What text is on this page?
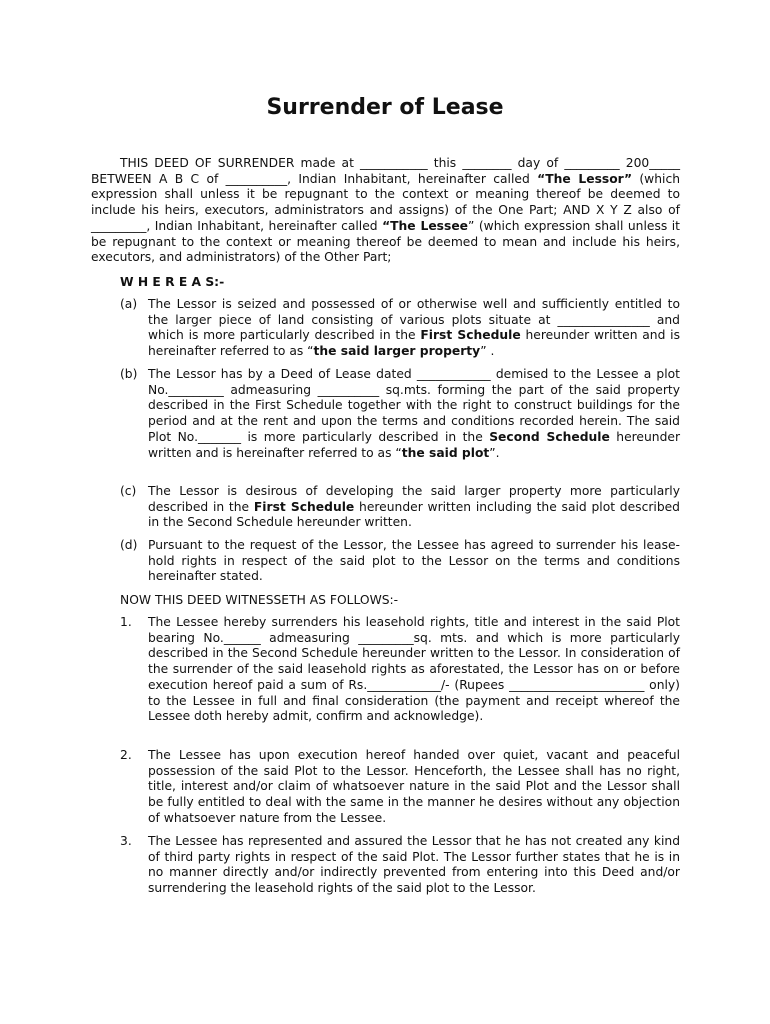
Surrender of Lease

THIS DEED OF SURRENDER made at ___________ this ________ day of _________ 200_____ BETWEEN A B C of __________, Indian Inhabitant, hereinafter called “The Lessor” (which expression shall unless it be repugnant to the context or meaning thereof be deemed to include his heirs, executors, administrators and assigns) of the One Part; AND X Y Z also of _________, Indian Inhabitant, hereinafter called “The Lessee” (which expression shall unless it be repugnant to the context or meaning thereof be deemed to mean and include his heirs, executors, and administrators) of the Other Part;

W H E R E A S:-

(a) The Lessor is seized and possessed of or otherwise well and sufficiently entitled to the larger piece of land consisting of various plots situate at _______________ and which is more particularly described in the First Schedule hereunder written and is hereinafter referred to as “the said larger property” .
(b) The Lessor has by a Deed of Lease dated ____________ demised to the Lessee a plot No._________ admeasuring __________ sq.mts. forming the part of the said property described in the First Schedule together with the right to construct buildings for the period and at the rent and upon the terms and conditions recorded herein. The said Plot No._______ is more particularly described in the Second Schedule hereunder written and is hereinafter referred to as “the said plot”.
(c) The Lessor is desirous of developing the said larger property more particularly described in the First Schedule hereunder written including the said plot described in the Second Schedule hereunder written.
(d) Pursuant to the request of the Lessor, the Lessee has agreed to surrender his lease-hold rights in respect of the said plot to the Lessor on the terms and conditions hereinafter stated.

NOW THIS DEED WITNESSETH AS FOLLOWS:-

1. The Lessee hereby surrenders his leasehold rights, title and interest in the said Plot bearing No.______ admeasuring _________sq. mts. and which is more particularly described in the Second Schedule hereunder written to the Lessor. In consideration of the surrender of the said leasehold rights as aforestated, the Lessor has on or before execution hereof paid a sum of Rs.____________/- (Rupees ______________________ only) to the Lessee in full and final consideration (the payment and receipt whereof the Lessee doth hereby admit, confirm and acknowledge).
2. The Lessee has upon execution hereof handed over quiet, vacant and peaceful possession of the said Plot to the Lessor. Henceforth, the Lessee shall has no right, title, interest and/or claim of whatsoever nature in the said Plot and the Lessor shall be fully entitled to deal with the same in the manner he desires without any objection of whatsoever nature from the Lessee.
3. The Lessee has represented and assured the Lessor that he has not created any kind of third party rights in respect of the said Plot. The Lessor further states that he is in no manner directly and/or indirectly prevented from entering into this Deed and/or surrendering the leasehold rights of the said plot to the Lessor.
